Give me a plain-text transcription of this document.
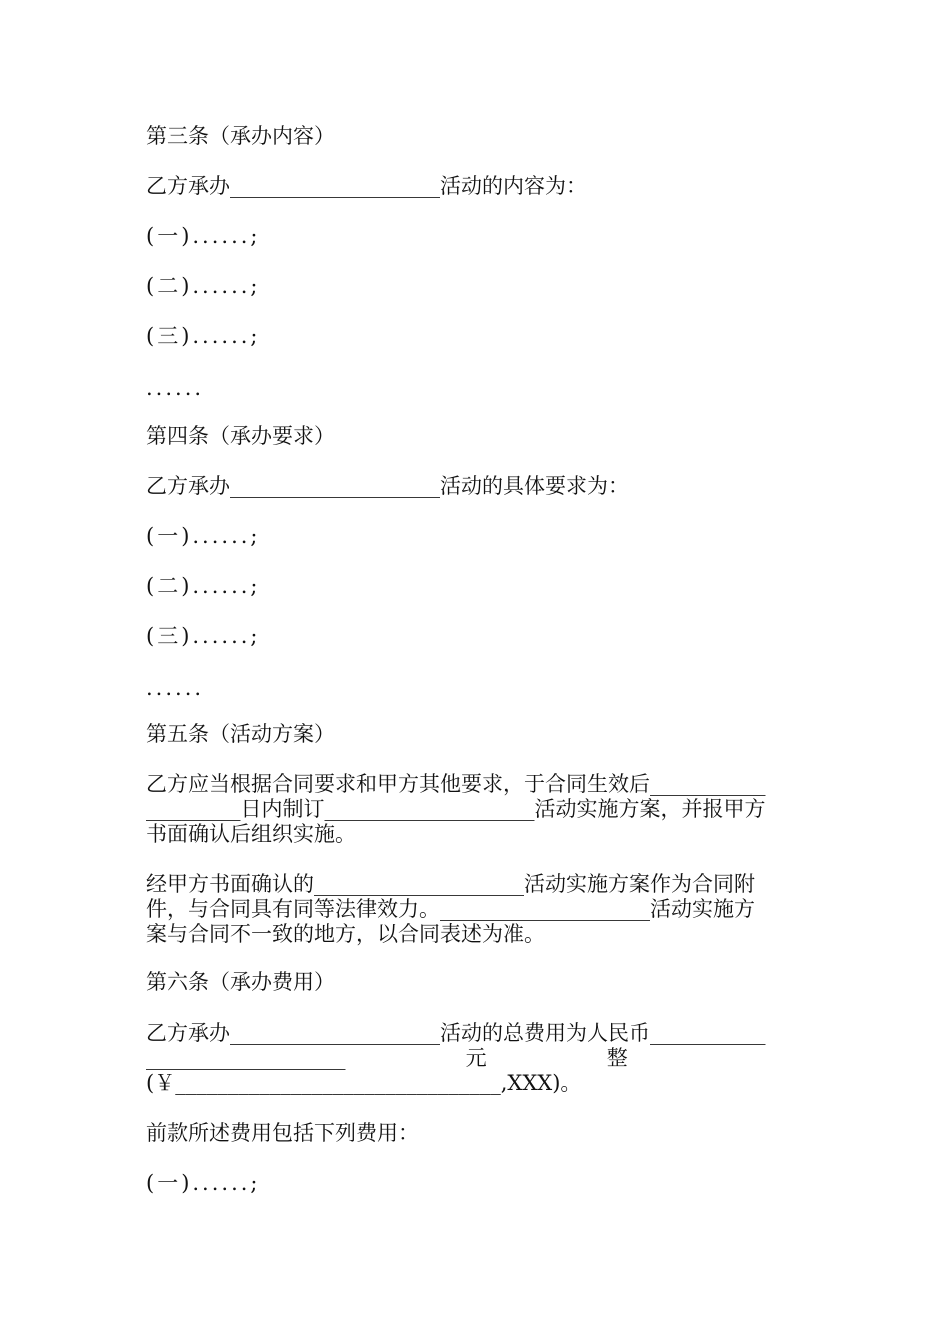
第三条（承办内容）
乙方承办____________________活动的内容为：
(一)......;
(二)......;
(三)......;
......
第四条（承办要求）
乙方承办____________________活动的具体要求为：
(一)......;
(二)......;
(三)......;
......
第五条（活动方案）
乙方应当根据合同要求和甲方其他要求，于合同生效后___________
_________日内制订____________________活动实施方案，并报甲方
书面确认后组织实施。
经甲方书面确认的____________________活动实施方案作为合同附
件，与合同具有同等法律效力。____________________活动实施方
案与合同不一致的地方，以合同表述为准。
第六条（承办费用）
乙方承办____________________活动的总费用为人民币___________
___________________                  元                  整
(￥_______________________________,XXX)。
前款所述费用包括下列费用：
(一)......;
